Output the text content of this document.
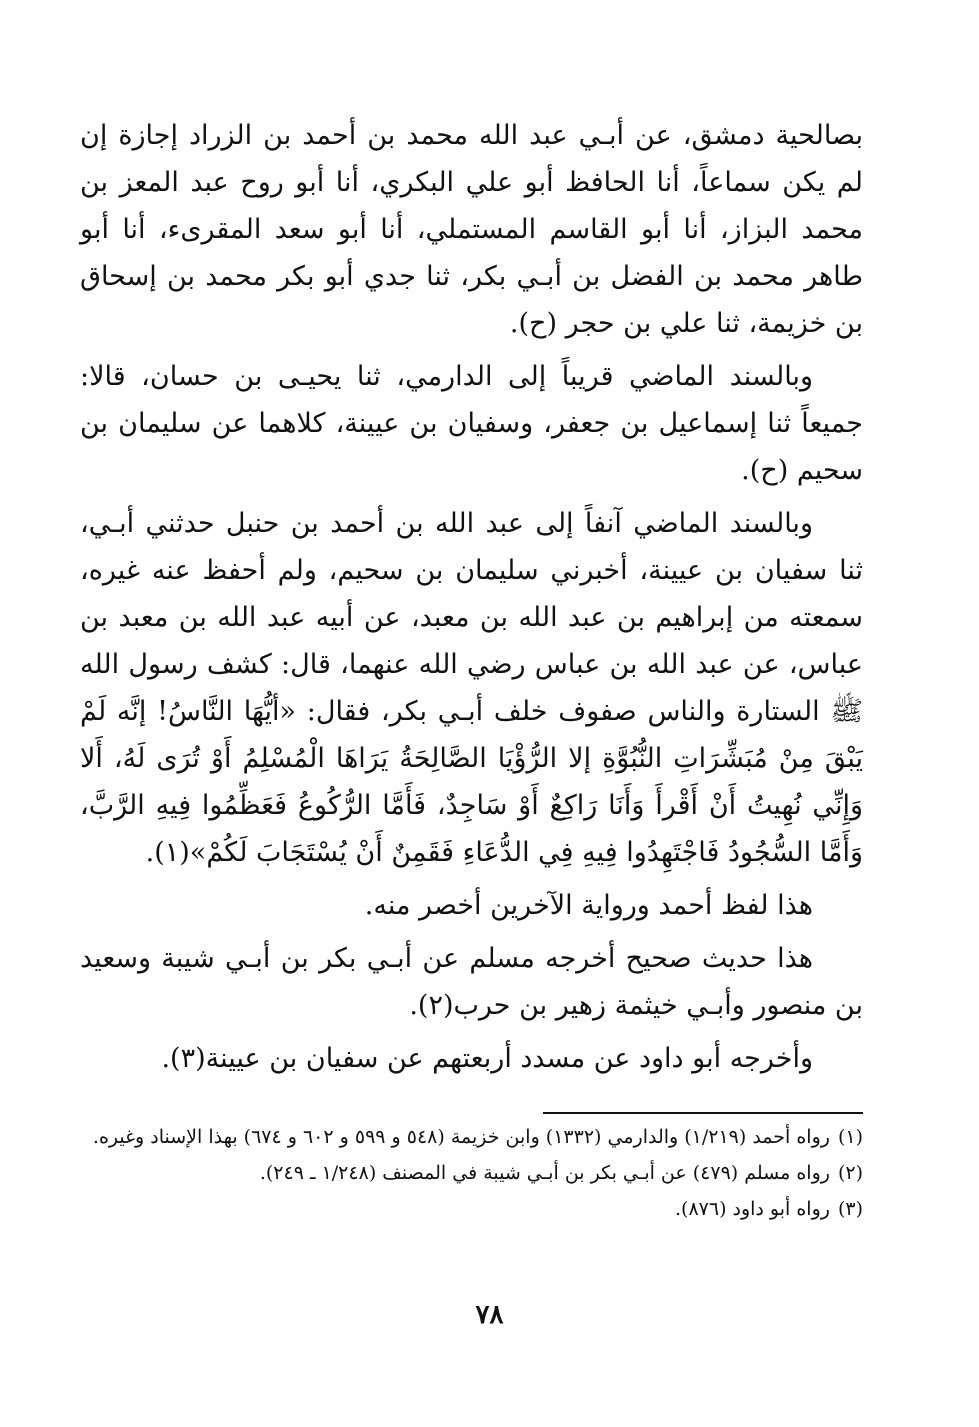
بصالحية دمشق، عن أبـي عبد الله محمد بن أحمد بن الزراد إجازة إن لم يكن سماعاً، أنا الحافظ أبو علي البكري، أنا أبو روح عبد المعز بن محمد البزاز، أنا أبو القاسم المستملي، أنا أبو سعد المقرىء، أنا أبو طاهر محمد بن الفضل بن أبـي بكر، ثنا جدي أبو بكر محمد بن إسحاق بن خزيمة، ثنا علي بن حجر (ح).

وبالسند الماضي قريباً إلى الدارمي، ثنا يحيـى بن حسان، قالا: جميعاً ثنا إسماعيل بن جعفر، وسفيان بن عيينة، كلاهما عن سليمان بن سحيم (ح).

وبالسند الماضي آنفاً إلى عبد الله بن أحمد بن حنبل حدثني أبـي، ثنا سفيان بن عيينة، أخبرني سليمان بن سحيم، ولم أحفظ عنه غيره، سمعته من إبراهيم بن عبد الله بن معبد، عن أبيه عبد الله بن معبد بن عباس، عن عبد الله بن عباس رضي الله عنهما، قال: كشف رسول الله ﷺ الستارة والناس صفوف خلف أبـي بكر، فقال: «أيُّهَا النَّاسُ! إنَّه لَمْ يَبْقَ مِنْ مُبَشِّرَاتِ النُّبُوَّةِ إلا الرُّؤْيَا الصَّالِحَةُ يَرَاهَا الْمُسْلِمُ أَوْ تُرَى لَهُ، أَلا وَإِنِّي نُهِيتُ أَنْ أَقْرأَ وَأَنَا رَاكِعٌ أَوْ سَاجِدٌ، فَأَمَّا الرُّكُوعُ فَعَظِّمُوا فِيهِ الرَّبَّ، وَأَمَّا السُّجُودُ فَاجْتَهِدُوا فِيهِ فِي الدُّعَاءِ فَقَمِنٌ أَنْ يُسْتَجَابَ لَكُمْ»(١).

هذا لفظ أحمد ورواية الآخرين أخصر منه.

هذا حديث صحيح أخرجه مسلم عن أبـي بكر بن أبـي شيبة وسعيد بن منصور وأبـي خيثمة زهير بن حرب(٢).

وأخرجه أبو داود عن مسدد أربعتهم عن سفيان بن عيينة(٣).

(١)رواه أحمد (١/٢١٩) والدارمي (١٣٣٢) وابن خزيمة (٥٤٨ و ٥٩٩ و ٦٠٢ و ٦٧٤) بهذا الإسناد وغيره.

(٢)رواه مسلم (٤٧٩) عن أبـي بكر بن أبـي شيبة في المصنف (١/٢٤٨ ـ ٢٤٩).

(٣)رواه أبو داود (٨٧٦).

٧٨
